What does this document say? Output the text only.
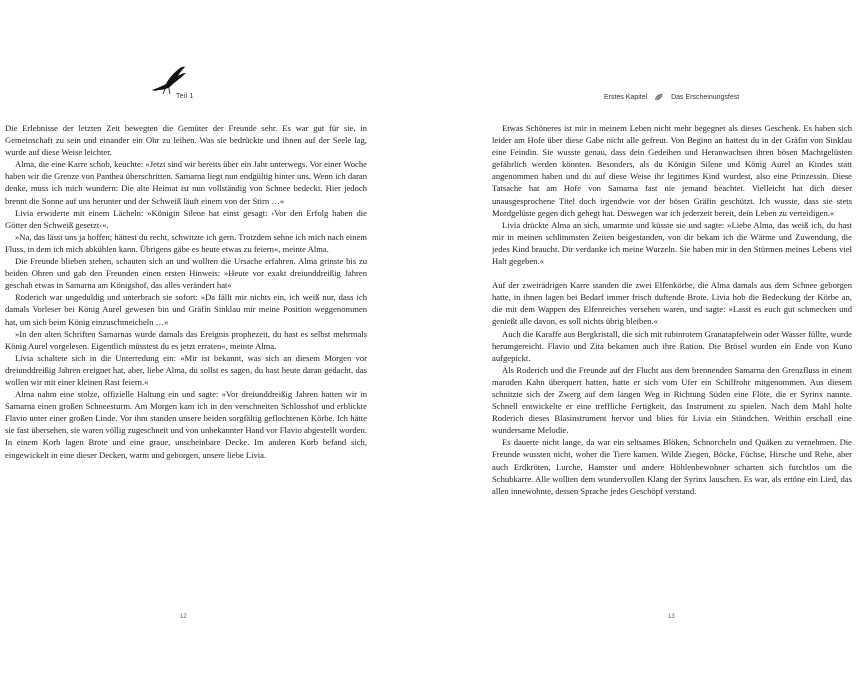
Teil 1

Die Erlebnisse der letzten Zeit bewegten die Gemüter der Freunde sehr. Es war gut für sie, in Gemeinschaft zu sein und einander ein Ohr zu leihen. Was sie bedrückte und ihnen auf der Seele lag, wurde auf diese Weise leichter.

Alma, die eine Karre schob, keuchte: »Jetzt sind wir bereits über ein Jahr unterwegs. Vor einer Woche haben wir die Grenze von Panthea überschritten. Samarna liegt nun endgültig hinter uns. Wenn ich daran denke, muss ich mich wundern: Die alte Heimat ist nun vollständig von Schnee bedeckt. Hier jedoch brennt die Sonne auf uns herunter und der Schweiß läuft einem von der Stirn …«

Livia erwiderte mit einem Lächeln: »Königin Silene hat einst gesagt: ›Vor den Erfolg haben die Götter den Schweiß gesetzt‹«.

»Na, das lässt uns ja hoffen; hättest du recht, schwitzte ich gern. Trotzdem sehne ich mich nach einem Fluss, in dem ich mich abkühlen kann. Übrigens gäbe es heute etwas zu feiern«, meinte Alma.

Die Freunde blieben stehen, schauten sich an und wollten die Ursache erfahren. Alma grinste bis zu beiden Ohren und gab den Freunden einen ersten Hinweis: »Heute vor exakt dreiunddreißig Jahren geschah etwas in Samarna am Königshof, das alles verändert hat«

Roderich war ungeduldig und unterbrach sie sofort: »Da fällt mir nichts ein, ich weiß nur, dass ich damals Vorleser bei König Aurel gewesen bin und Gräfin Sinklau mir meine Position weggenommen hat, um sich beim König einzuschmeicheln …«

»In den alten Schriften Samarnas wurde damals das Ereignis prophezeit, du hast es selbst mehrmals König Aurel vorgelesen. Eigentlich müsstest du es jetzt erraten«, meinte Alma.

Livia schaltete sich in die Unterredung ein: »Mir ist bekannt, was sich an diesem Morgen vor dreiunddreißig Jahren ereignet hat, aber, liebe Alma, du sollst es sagen, du hast heute daran gedacht, das wollen wir mit einer kleinen Rast feiern.«

Alma nahm eine stolze, offizielle Haltung ein und sagte: »Vor dreiunddreißig Jahren hatten wir in Samarna einen großen Schneesturm. Am Morgen kam ich in den verschneiten Schlosshof und erblickte Flavio unter einer großen Linde. Vor ihm standen unsere beiden sorgfältig geflochtenen Körbe. Ich hätte sie fast übersehen, sie waren völlig zugeschneit und von unbekannter Hand vor Flavio abgestellt worden. In einem Korb lagen Brote und eine graue, unscheinbare Decke. Im anderen Korb befand sich, eingewickelt in eine dieser Decken, warm und geborgen, unsere liebe Livia.

12
Erstes Kapitel	Das Erscheinungsfest

Etwas Schöneres ist mir in meinem Leben nicht mehr begegnet als dieses Geschenk. Es haben sich leider am Hofe über diese Gabe nicht alle gefreut. Von Beginn an hattest du in der Gräfin von Sinklau eine Feindin. Sie wusste genau, dass dein Gedeihen und Heranwachsen ihren bösen Machtgelüsten gefährlich werden könnten. Besonders, als du Königin Silene und König Aurel an Kindes statt angenommen haben und du auf diese Weise ihr legitimes Kind wurdest, also eine Prinzessin. Diese Tatsache hat am Hofe von Samarna fast nie jemand beachtet. Vielleicht hat dich dieser unausgesprochene Titel doch irgendwie vor der bösen Gräfin geschützt. Ich wusste, dass sie stets Mordgelüste gegen dich gehegt hat. Deswegen war ich jederzeit bereit, dein Leben zu verteidigen.«

Livia drückte Alma an sich, umarmte und küsste sie und sagte: »Liebe Alma, das weiß ich, du hast mir in meinen schlimmsten Zeiten beigestanden, von dir bekam ich die Wärme und Zuwendung, die jedes Kind braucht. Dir verdanke ich meine Wurzeln. Sie haben mir in den Stürmen meines Lebens viel Halt gegeben.«

Auf der zweirädrigen Karre standen die zwei Elfenkörbe, die Alma damals aus dem Schnee geborgen hatte, in ihnen lagen bei Bedarf immer frisch duftende Brote. Livia hob die Bedeckung der Körbe an, die mit dem Wappen des Elfenreiches versehen waren, und sagte: »Lasst es euch gut schmecken und genießt alle davon, es soll nichts übrig bleiben.«

Auch die Karaffe aus Bergkristall, die sich mit rubinrotem Granatapfelwein oder Wasser füllte, wurde herumgereicht. Flavio und Zita bekamen auch ihre Ration. Die Brösel wurden ein Ende von Kuno aufgepickt.

Als Roderich und die Freunde auf der Flucht aus dem brennenden Samarna den Grenzfluss in einem maroden Kahn überquert hatten, hatte er sich vom Ufer ein Schilfrohr mitgenommen. Aus diesem schnitzte sich der Zwerg auf dem langen Weg in Richtung Süden eine Flöte, die er Syrinx nannte. Schnell entwickelte er eine treffliche Fertigkeit, das Instrument zu spielen. Nach dem Mahl holte Roderich dieses Blasinstrument hervor und blies für Livia ein Ständchen. Weithin erschall eine wundersame Melodie.

Es dauerte nicht lange, da war ein seltsames Blöken, Schnorcheln und Quäken zu vernehmen. Die Freunde wussten nicht, woher die Tiere kamen. Wilde Ziegen, Böcke, Füchse, Hirsche und Rehe, aber auch Erdkröten, Lurche, Hamster und andere Höhlenbewohner scharten sich furchtlos um die Schubkarre. Alle wollten dem wundervollen Klang der Syrinx lauschen. Es war, als ertöne ein Lied, das allen innewohnte, dessen Sprache jedes Geschöpf verstand.

13
